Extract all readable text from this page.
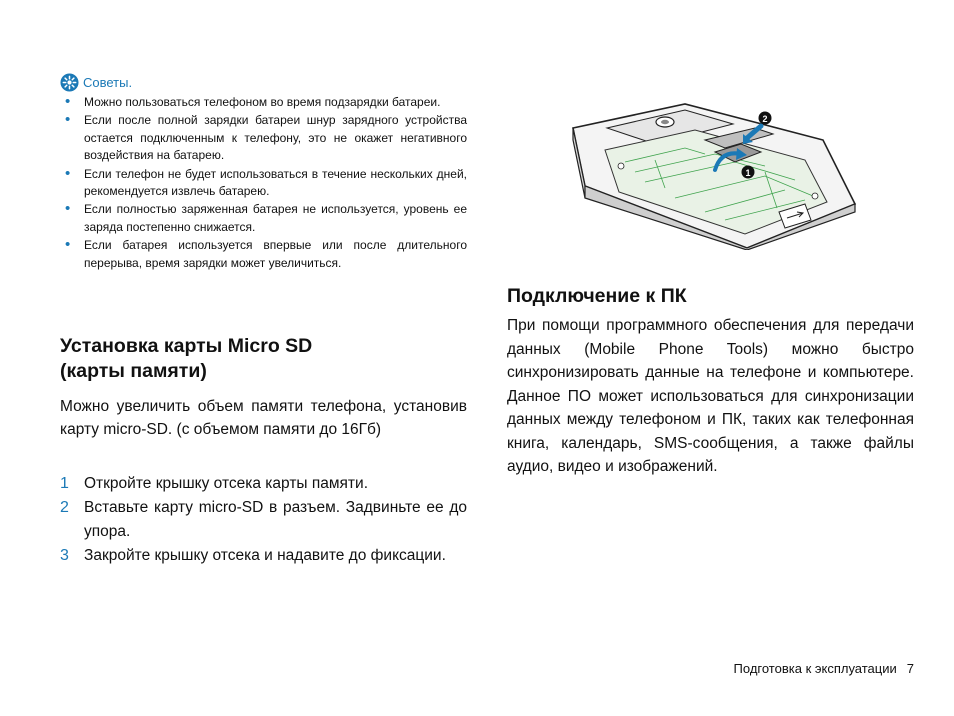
Советы.
• Можно пользоваться телефоном во время подзарядки батареи.
• Если после полной зарядки батареи шнур зарядного устройства остается подключенным к телефону, это не окажет негативного воздействия на батарею.
• Если телефон не будет использоваться в течение нескольких дней, рекомендуется извлечь батарею.
• Если полностью заряженная батарея не используется, уровень ее заряда постепенно снижается.
• Если батарея используется впервые или после длительного перерыва, время зарядки может увеличиться.
Установка карты Micro SD
(карты памяти)

Можно увеличить объем памяти телефона, установив карту micro-SD. (с объемом памяти до 16Гб)

1 Откройте крышку отсека карты памяти.
2 Вставьте карту micro-SD в разъем. Задвиньте ее до упора.
3 Закройте крышку отсека и надавите до фиксации.
1
2
Подключение к ПК

При помощи программного обеспечения для передачи данных (Mobile Phone Tools) можно быстро синхронизировать данные на телефоне и компьютере. Данное ПО может использоваться для синхронизации данных между телефоном и ПК, таких как телефонная книга, календарь, SMS-сообщения, а также файлы аудио, видео и изображений.

Подготовка к эксплуатации 7
